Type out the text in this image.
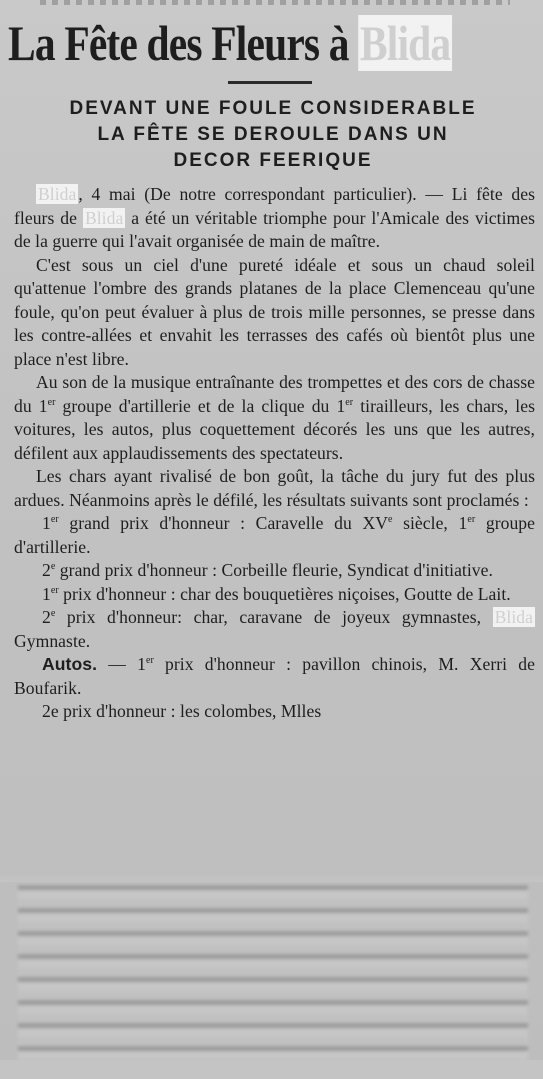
La Fête des Fleurs à Blida
DEVANT UNE FOULE CONSIDERABLE
LA FÊTE SE DEROULE DANS UN
DECOR FEERIQUE

Blida , 4 mai (De notre correspondant particulier). — Li fête des fleurs de Blida a été un véritable triomphe pour l'Amicale des victimes de la guerre qui l'avait organisée de main de maître.

C'est sous un ciel d'une pureté idéale et sous un chaud soleil qu'attenue l'ombre des grands platanes de la place Clemenceau qu'une foule, qu'on peut évaluer à plus de trois mille personnes, se presse dans les contre-allées et envahit les terrasses des cafés où bientôt plus une place n'est libre.

Au son de la musique entraînante des trompettes et des cors de chasse du 1er groupe d'artillerie et de la clique du 1er tirailleurs, les chars, les voitures, les autos, plus coquettement décorés les uns que les autres, défilent aux applaudissements des spectateurs.

Les chars ayant rivalisé de bon goût, la tâche du jury fut des plus ardues. Néanmoins après le défilé, les résultats suivants sont proclamés :

1er grand prix d'honneur : Caravelle du XVe siècle, 1er groupe d'artillerie.

2e grand prix d'honneur : Corbeille fleurie, Syndicat d'initiative.

1er prix d'honneur : char des bouquetières niçoises, Goutte de Lait.

2e prix d'honneur: char, caravane de joyeux gymnastes, Blida Gymnaste.

Autos. — 1er prix d'honneur : pavillon chinois, M. Xerri de Boufarik.

2e prix d'honneur : les colombes, Mlles
